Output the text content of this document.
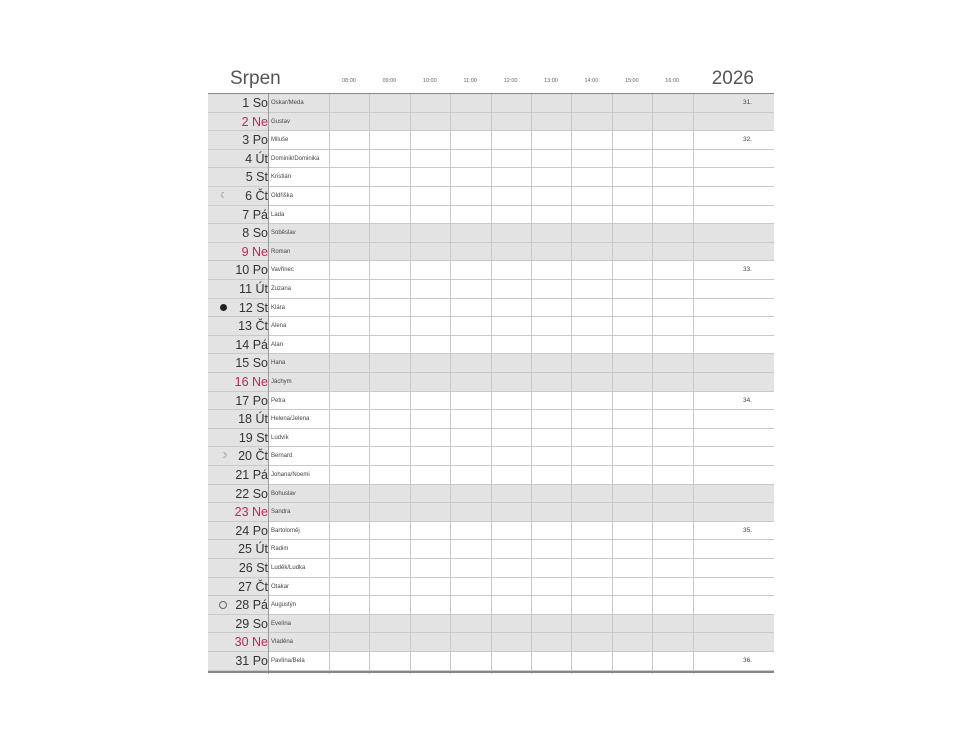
Srpen	2026
08:00	09:00	10:00	11:00	12:00	13:00	14:00	15:00	16:00
1 So Oskar/Meda	31.
2 Ne Gustav
3 Po Miluše	32.
4 Út Dominik/Dominika
5 St Kristián
☾ 6 Čt Oldřiška
7 Pá Lada
8 So Soběslav
9 Ne Roman
10 Po Vavřinec	33.
11 Út Zuzana
12 St Klára
13 Čt Alena
14 Pá Alan
15 So Hana
16 Ne Jáchym
17 Po Petra	34.
18 Út Helena/Jelena
19 St Ludvík
☽ 20 Čt Bernard
21 Pá Johana/Noemi
22 So Bohuslav
23 Ne Sandra
24 Po Bartoloměj	35.
25 Út Radim
26 St Luděk/Ludka
27 Čt Otakar
28 Pá Augustýn
29 So Evelína
30 Ne Vladěna
31 Po Pavlína/Bela	36.
